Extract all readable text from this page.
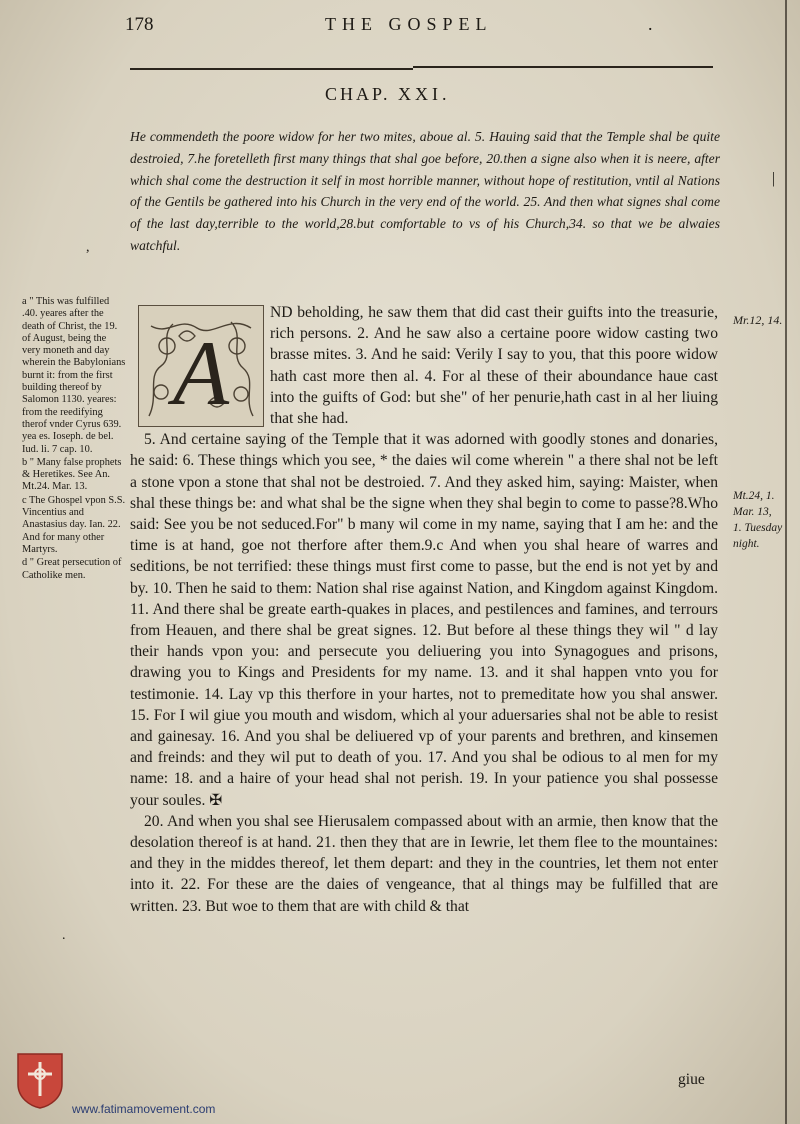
178	THE GOSPEL	.
CHAP. XXI.
He commendeth the poore widow for her two mites, aboue al. 5. Hauing said that the Temple shal be quite destroied, 7.he foretelleth first many things that shal goe before, 20.then a signe also when it is neere, after which shal come the destruction it self in most horrible manner, without hope of restitution, vntil al Nations of the Gentils be gathered into his Church in the very end of the world. 25. And then what signes shal come of the last day,terrible to the world,28.but comfortable to vs of his Church,34. so that we be alwaies watchful.
|
,
A

ND beholding, he saw them that did cast their guifts into the treasurie, rich persons. 2. And he saw also a certaine poore widow casting two brasse mites. 3. And he said: Verily I say to you, that this poore widow hath cast more then al. 4. For al these of their aboundance haue cast into the guifts of God: but she" of her penurie,hath cast in al her liuing that she had.

5. And certaine saying of the Temple that it was adorned with goodly stones and donaries, he said: 6. These things which you see, * the daies wil come wherein " a there shal not be left a stone vpon a stone that shal not be destroied. 7. And they asked him, saying: Maister, when shal these things be: and what shal be the signe when they shal begin to come to passe?8.Who said: See you be not seduced.For" b many wil come in my name, saying that I am he: and the time is at hand, goe not therfore after them.9.c And when you shal heare of warres and seditions, be not terrified: these things must first come to passe, but the end is not yet by and by. 10. Then he said to them: Nation shal rise against Nation, and Kingdom against Kingdom. 11. And there shal be greate earth-quakes in places, and pestilences and famines, and terrours from Heauen, and there shal be great signes. 12. But before al these things they wil " d lay their hands vpon you: and persecute you deliuering you into Synagogues and prisons, drawing you to Kings and Presidents for my name. 13. and it shal happen vnto you for testimonie. 14. Lay vp this therfore in your hartes, not to premeditate how you shal answer. 15. For I wil giue you mouth and wisdom, which al your aduersaries shal not be able to resist and gainesay. 16. And you shal be deliuered vp of your parents and brethren, and kinsemen and freinds: and they wil put to death of you. 17. And you shal be odious to al men for my name: 18. and a haire of your head shal not perish. 19. In your patience you shal possesse your soules. ✠

20. And when you shal see Hierusalem compassed about with an armie, then know that the desolation thereof is at hand. 21. then they that are in Iewrie, let them flee to the mountaines: and they in the middes thereof, let them depart: and they in the countries, let them not enter into it. 22. For these are the daies of vengeance, that al things may be fulfilled that are written. 23. But woe to them that are with child & that

giue

a " This was fulfilled .40. yeares after the death of Christ, the 19. of August, being the very moneth and day wherein the Babylonians burnt it: from the first building thereof by Salomon 1130. yeares: from the reedifying therof vnder Cyrus 639. yea es. Ioseph. de bel. Iud. li. 7 cap. 10.

b " Many false prophets & Heretikes. See An. Mt.24. Mar. 13.

c The Ghospel vpon S.S. Vincentius and Anastasius day. Ian. 22. And for many other Martyrs.

d " Great persecution of Catholike men.

Mr.12, 14.
Mt.24, 1. Mar. 13, 1. Tuesday night.
.
www.fatimamovement.com
